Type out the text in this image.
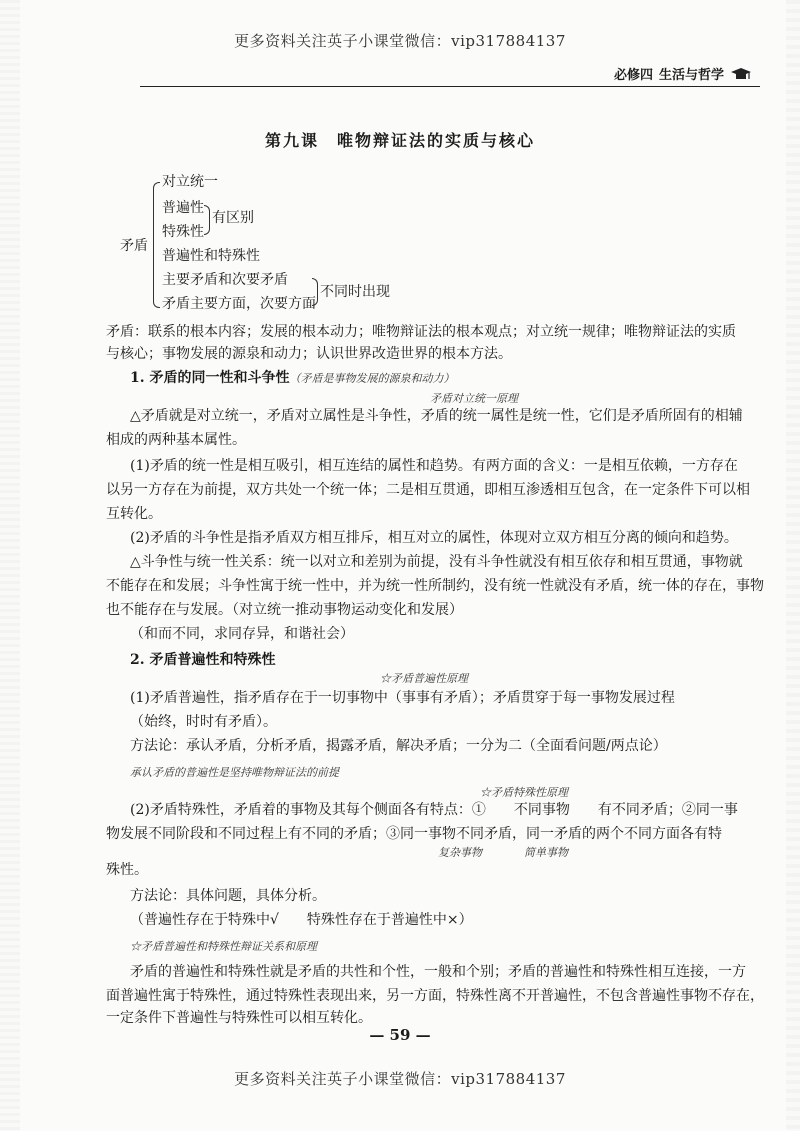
更多资料关注英子小课堂微信：vip317884137
必修四 生活与哲学
第九课　唯物辩证法的实质与核心
矛盾
对立统一
普遍性
特殊性
有区别
普遍性和特殊性
主要矛盾和次要矛盾
矛盾主要方面，次要方面
不同时出现
矛盾：联系的根本内容；发展的根本动力；唯物辩证法的根本观点；对立统一规律；唯物辩证法的实质
与核心；事物发展的源泉和动力；认识世界改造世界的根本方法。
1. 矛盾的同一性和斗争性（矛盾是事物发展的源泉和动力）
矛盾对立统一原理
△矛盾就是对立统一，矛盾对立属性是斗争性，矛盾的统一属性是统一性，它们是矛盾所固有的相辅
相成的两种基本属性。
(1)矛盾的统一性是相互吸引，相互连结的属性和趋势。有两方面的含义：一是相互依赖，一方存在
以另一方存在为前提，双方共处一个统一体；二是相互贯通，即相互渗透相互包含，在一定条件下可以相
互转化。
(2)矛盾的斗争性是指矛盾双方相互排斥，相互对立的属性，体现对立双方相互分离的倾向和趋势。
△斗争性与统一性关系：统一以对立和差别为前提，没有斗争性就没有相互依存和相互贯通，事物就
不能存在和发展；斗争性寓于统一性中，并为统一性所制约，没有统一性就没有矛盾，统一体的存在，事物
也不能存在与发展。（对立统一推动事物运动变化和发展）
（和而不同，求同存异，和谐社会）
2. 矛盾普遍性和特殊性
☆矛盾普遍性原理
(1)矛盾普遍性，指矛盾存在于一切事物中（事事有矛盾）；矛盾贯穿于每一事物发展过程
（始终，时时有矛盾）。
方法论：承认矛盾，分析矛盾，揭露矛盾，解决矛盾；一分为二（全面看问题/两点论）
承认矛盾的普遍性是坚持唯物辩证法的前提
☆矛盾特殊性原理
(2)矛盾特殊性，矛盾着的事物及其每个侧面各有特点：①　　不同事物　　有不同矛盾；②同一事
物发展不同阶段和不同过程上有不同的矛盾；③同一事物不同矛盾，同一矛盾的两个不同方面各有特
复杂事物	简单事物
殊性。
方法论：具体问题，具体分析。
（普遍性存在于特殊中√　　特殊性存在于普遍性中×）
☆矛盾普遍性和特殊性辩证关系和原理
矛盾的普遍性和特殊性就是矛盾的共性和个性，一般和个别；矛盾的普遍性和特殊性相互连接，一方
面普遍性寓于特殊性，通过特殊性表现出来，另一方面，特殊性离不开普遍性，不包含普遍性事物不存在，
一定条件下普遍性与特殊性可以相互转化。
— 59 —
更多资料关注英子小课堂微信：vip317884137
